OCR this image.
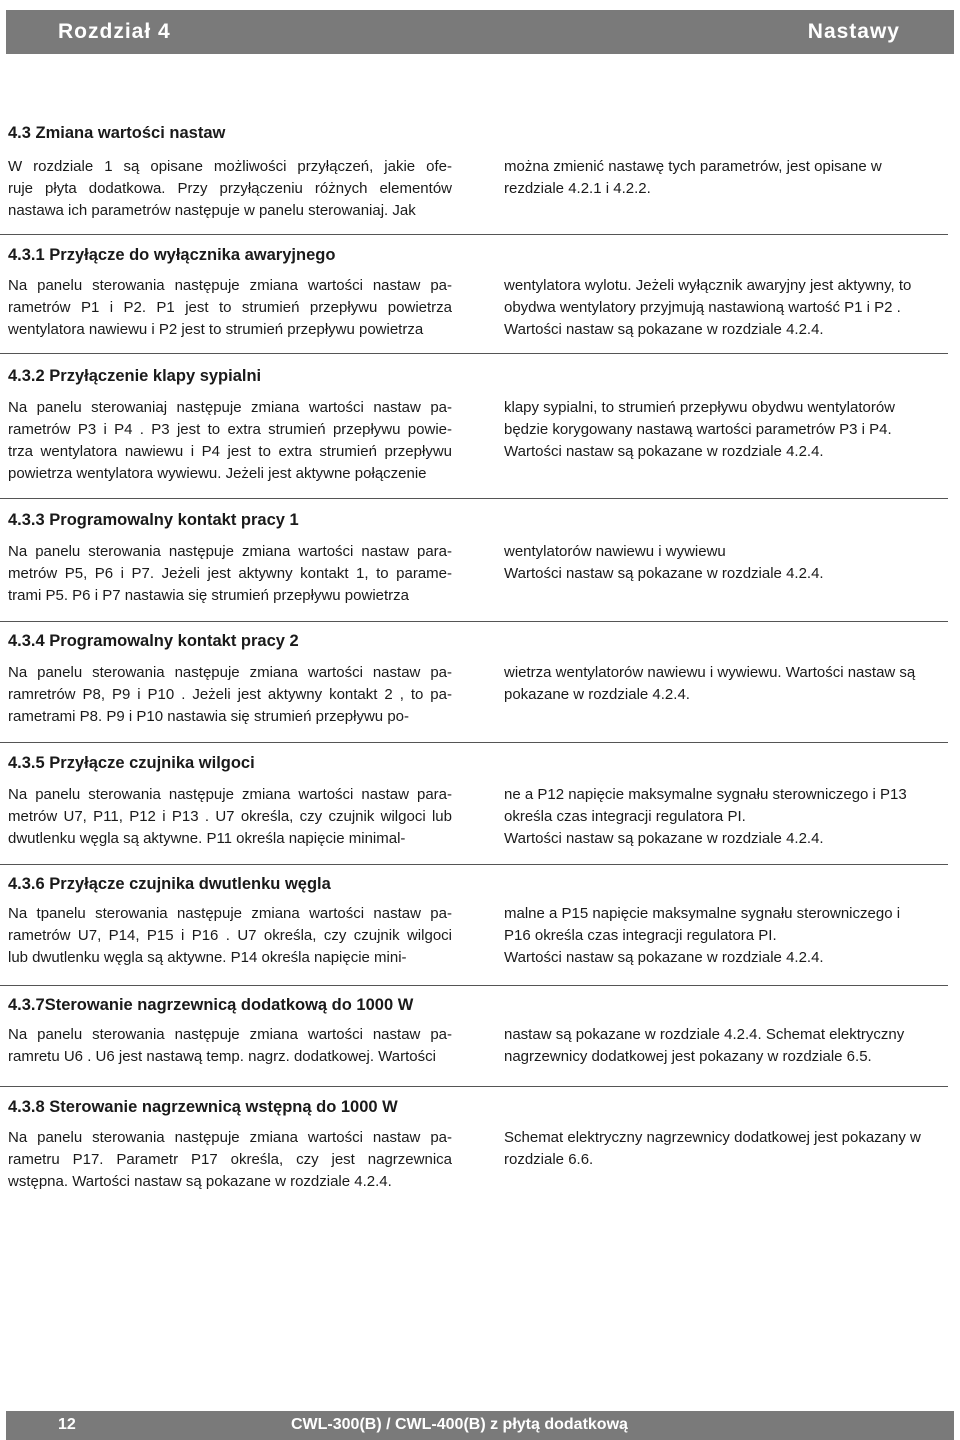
Rozdział 4	Nastawy
4.3 Zmiana wartości nastaw
W rozdziale 1 są opisane możliwości przyłączeń, jakie ofe-
ruje płyta dodatkowa. Przy przyłączeniu różnych elementów
nastawa ich parametrów następuje w panelu sterowaniaj. Jak
można zmienić nastawę tych parametrów, jest opisane w
rezdziale 4.2.1 i 4.2.2.
4.3.1 Przyłącze do wyłącznika awaryjnego
Na panelu sterowania następuje zmiana wartości nastaw pa-
rametrów P1 i P2. P1 jest to strumień przepływu powietrza
wentylatora nawiewu i P2 jest to strumień przepływu powietrza
wentylatora wylotu. Jeżeli wyłącznik awaryjny jest aktywny, to
obydwa wentylatory przyjmują nastawioną wartość P1 i P2 .
Wartości nastaw są pokazane w rozdziale 4.2.4.
4.3.2 Przyłączenie klapy sypialni
Na panelu sterowaniaj następuje zmiana wartości nastaw pa-
rametrów P3 i P4 . P3 jest to extra strumień przepływu powie-
trza wentylatora nawiewu i P4 jest to extra strumień przepływu
powietrza wentylatora wywiewu. Jeżeli jest aktywne połączenie
klapy sypialni, to strumień przepływu obydwu wentylatorów
będzie korygowany nastawą wartości parametrów P3 i P4.
Wartości nastaw są pokazane w rozdziale 4.2.4.
4.3.3 Programowalny kontakt pracy 1
Na panelu sterowania następuje zmiana wartości nastaw para-
metrów P5, P6 i P7. Jeżeli jest aktywny kontakt 1, to parame-
trami P5. P6 i P7 nastawia się strumień przepływu powietrza
wentylatorów nawiewu i wywiewu
Wartości nastaw są pokazane w rozdziale 4.2.4.
4.3.4 Programowalny kontakt pracy 2
Na panelu sterowania następuje zmiana wartości nastaw pa-
ramretrów P8, P9 i P10 . Jeżeli jest aktywny kontakt 2 , to pa-
rametrami P8. P9 i P10 nastawia się strumień przepływu po-
wietrza wentylatorów nawiewu i wywiewu. Wartości nastaw są
pokazane w rozdziale 4.2.4.
4.3.5 Przyłącze czujnika wilgoci
Na panelu sterowania następuje zmiana wartości nastaw para-
metrów U7, P11, P12 i P13 . U7 określa, czy czujnik wilgoci lub
dwutlenku węgla są aktywne. P11 określa napięcie minimal-
ne a P12 napięcie maksymalne sygnału sterowniczego i P13
określa czas integracji regulatora PI.
Wartości nastaw są pokazane w rozdziale 4.2.4.
4.3.6 Przyłącze czujnika dwutlenku węgla
Na tpanelu sterowania następuje zmiana wartości nastaw pa-
rametrów U7, P14, P15 i P16 . U7 określa, czy czujnik wilgoci
lub dwutlenku węgla są aktywne. P14 określa napięcie mini-
malne a P15 napięcie maksymalne sygnału sterowniczego i
P16 określa czas integracji regulatora PI.
Wartości nastaw są pokazane w rozdziale 4.2.4.
4.3.7Sterowanie nagrzewnicą dodatkową do 1000 W
Na panelu sterowania następuje zmiana wartości nastaw pa-
ramretu U6 . U6 jest nastawą temp. nagrz. dodatkowej. Wartości
nastaw są pokazane w rozdziale 4.2.4. Schemat elektryczny
nagrzewnicy dodatkowej jest pokazany w rozdziale 6.5.
4.3.8 Sterowanie nagrzewnicą wstępną do 1000 W
Na panelu sterowania następuje zmiana wartości nastaw pa-
rametru P17. Parametr P17 określa, czy jest nagrzewnica
wstępna. Wartości nastaw są pokazane w rozdziale 4.2.4.
Schemat elektryczny nagrzewnicy dodatkowej jest pokazany w
rozdziale 6.6.
12	CWL-300(B) / CWL-400(B) z płytą dodatkową
